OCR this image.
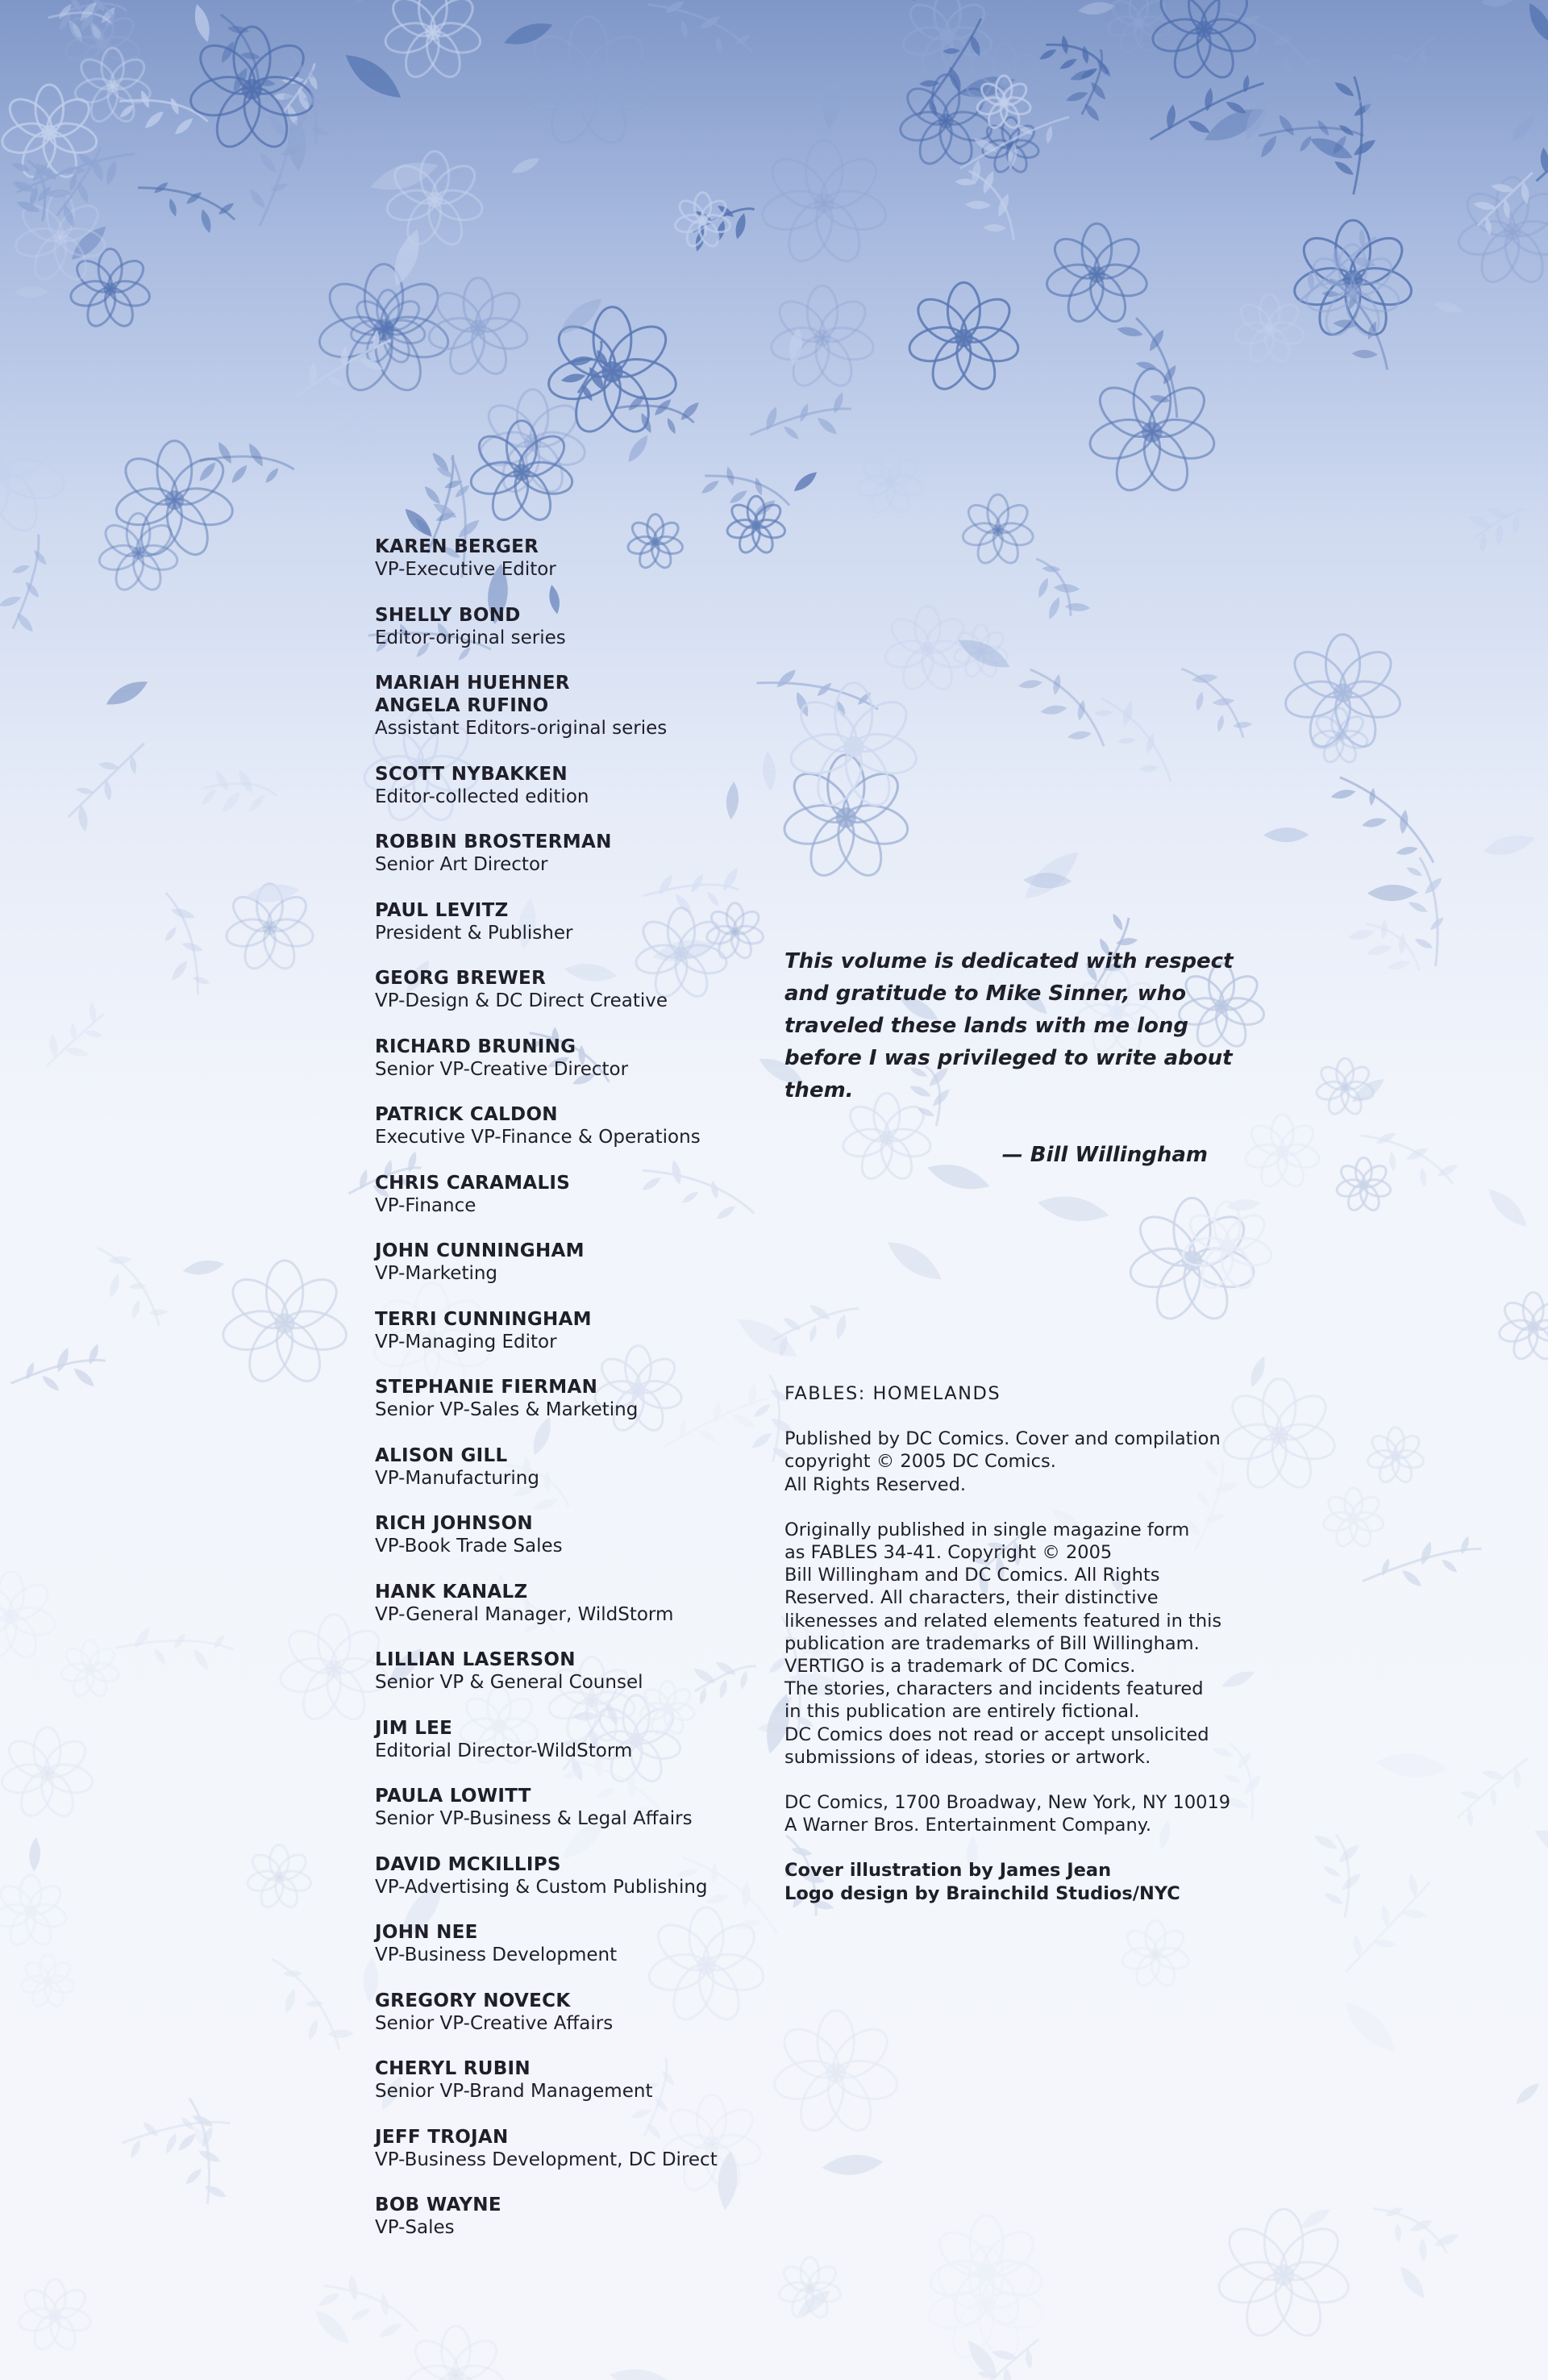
KAREN BERGER
VP-Executive Editor
SHELLY BOND
Editor-original series
MARIAH HUEHNER
ANGELA RUFINO
Assistant Editors-original series
SCOTT NYBAKKEN
Editor-collected edition
ROBBIN BROSTERMAN
Senior Art Director
PAUL LEVITZ
President & Publisher
GEORG BREWER
VP-Design & DC Direct Creative
RICHARD BRUNING
Senior VP-Creative Director
PATRICK CALDON
Executive VP-Finance & Operations
CHRIS CARAMALIS
VP-Finance
JOHN CUNNINGHAM
VP-Marketing
TERRI CUNNINGHAM
VP-Managing Editor
STEPHANIE FIERMAN
Senior VP-Sales & Marketing
ALISON GILL
VP-Manufacturing
RICH JOHNSON
VP-Book Trade Sales
HANK KANALZ
VP-General Manager, WildStorm
LILLIAN LASERSON
Senior VP & General Counsel
JIM LEE
Editorial Director-WildStorm
PAULA LOWITT
Senior VP-Business & Legal Affairs
DAVID MCKILLIPS
VP-Advertising & Custom Publishing
JOHN NEE
VP-Business Development
GREGORY NOVECK
Senior VP-Creative Affairs
CHERYL RUBIN
Senior VP-Brand Management
JEFF TROJAN
VP-Business Development, DC Direct
BOB WAYNE
VP-Sales
This volume is dedicated with respect and gratitude to Mike Sinner, who traveled these lands with me long before I was privileged to write about them.
— Bill Willingham

FABLES: HOMELANDS

Published by DC Comics. Cover and compilation
copyright © 2005 DC Comics.
All Rights Reserved.

Originally published in single magazine form
as FABLES 34-41. Copyright © 2005
Bill Willingham and DC Comics. All Rights
Reserved. All characters, their distinctive
likenesses and related elements featured in this
publication are trademarks of Bill Willingham.
VERTIGO is a trademark of DC Comics.
The stories, characters and incidents featured
in this publication are entirely fictional.
DC Comics does not read or accept unsolicited
submissions of ideas, stories or artwork.

DC Comics, 1700 Broadway, New York, NY 10019
A Warner Bros. Entertainment Company.

Cover illustration by James Jean

Logo design by Brainchild Studios/NYC
